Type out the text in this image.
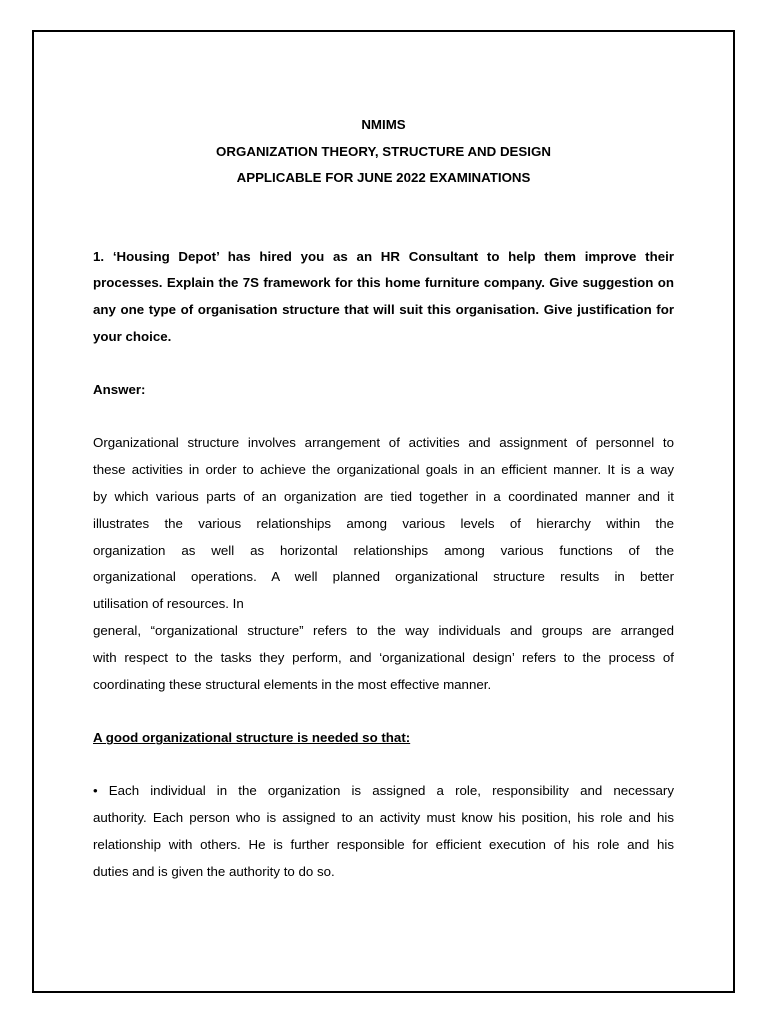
NMIMS
ORGANIZATION THEORY, STRUCTURE AND DESIGN
APPLICABLE FOR JUNE 2022 EXAMINATIONS
1. ‘Housing Depot’ has hired you as an HR Consultant to help them improve their
processes. Explain the 7S framework for this home furniture company. Give suggestion on
any one type of organisation structure that will suit this organisation. Give justification for
your choice.
Answer:
Organizational structure involves arrangement of activities and assignment of personnel to
these activities in order to achieve the organizational goals in an efficient manner. It is a way
by which various parts of an organization are tied together in a coordinated manner and it
illustrates the various relationships among various levels of hierarchy within the
organization as well as horizontal relationships among various functions of the
organizational operations. A well planned organizational structure results in better
utilisation of resources. In
general, “organizational structure” refers to the way individuals and groups are arranged
with respect to the tasks they perform, and ‘organizational design’ refers to the process of
coordinating these structural elements in the most effective manner.
A good organizational structure is needed so that:
• Each individual in the organization is assigned a role, responsibility and necessary
authority. Each person who is assigned to an activity must know his position, his role and his
relationship with others. He is further responsible for efficient execution of his role and his
duties and is given the authority to do so.
